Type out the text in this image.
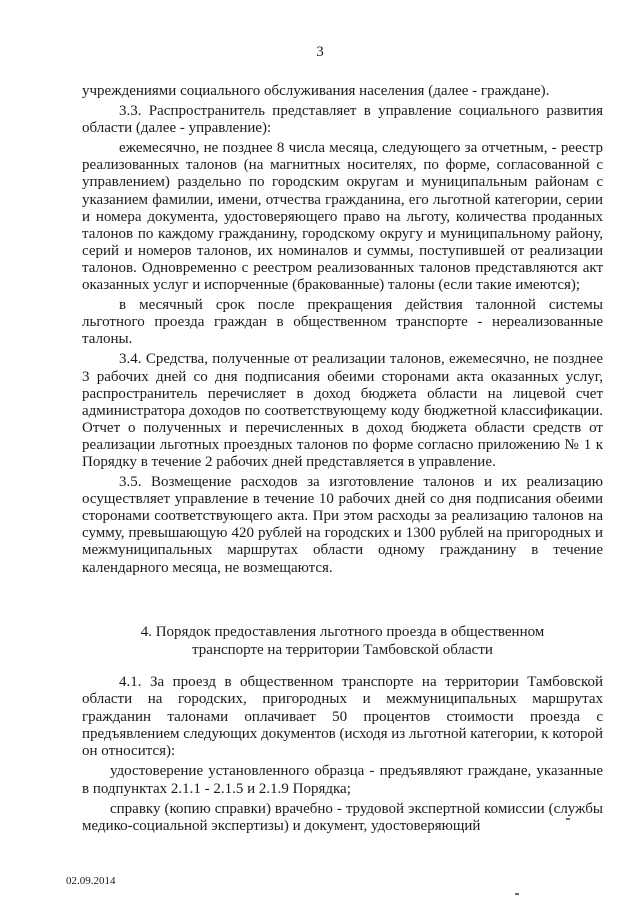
3

учреждениями социального обслуживания населения (далее - граждане).

3.3. Распространитель представляет в управление социального развития области (далее - управление):

ежемесячно, не позднее 8 числа месяца, следующего за отчетным, - реестр реализованных талонов (на магнитных носителях, по форме, согласованной с управлением) раздельно по городским округам и муниципальным районам с указанием фамилии, имени, отчества гражданина, его льготной категории, серии и номера документа, удостоверяющего право на льготу, количества проданных талонов по каждому гражданину, городскому округу и муниципальному району, серий и номеров талонов, их номиналов и суммы, поступившей от реализации талонов. Одновременно с реестром реализованных талонов представляются акт оказанных услуг и испорченные (бракованные) талоны (если такие имеются);

в месячный срок после прекращения действия талонной системы льготного проезда граждан в общественном транспорте - нереализованные талоны.

3.4. Средства, полученные от реализации талонов, ежемесячно, не позднее 3 рабочих дней со дня подписания обеими сторонами акта оказанных услуг, распространитель перечисляет в доход бюджета области на лицевой счет администратора доходов по соответствующему коду бюджетной классификации. Отчет о полученных и перечисленных в доход бюджета области средств от реализации льготных проездных талонов по форме согласно приложению № 1 к Порядку в течение 2 рабочих дней представляется в управление.

3.5. Возмещение расходов за изготовление талонов и их реализацию осуществляет управление в течение 10 рабочих дней со дня подписания обеими сторонами соответствующего акта. При этом расходы за реализацию талонов на сумму, превышающую 420 рублей на городских и 1300 рублей на пригородных и межмуниципальных маршрутах области одному гражданину в течение календарного месяца, не возмещаются.

4. Порядок предоставления льготного проезда в общественном
транспорте на территории Тамбовской области

4.1. За проезд в общественном транспорте на территории Тамбовской области на городских, пригородных и межмуниципальных маршрутах гражданин талонами оплачивает 50 процентов стоимости проезда с предъявлением следующих документов (исходя из льготной категории, к которой он относится):

удостоверение установленного образца - предъявляют граждане, указанные в подпунктах 2.1.1 - 2.1.5 и 2.1.9 Порядка;

справку (копию справки) врачебно - трудовой экспертной комиссии (службы медико-социальной экспертизы) и документ, удостоверяющий

02.09.2014
